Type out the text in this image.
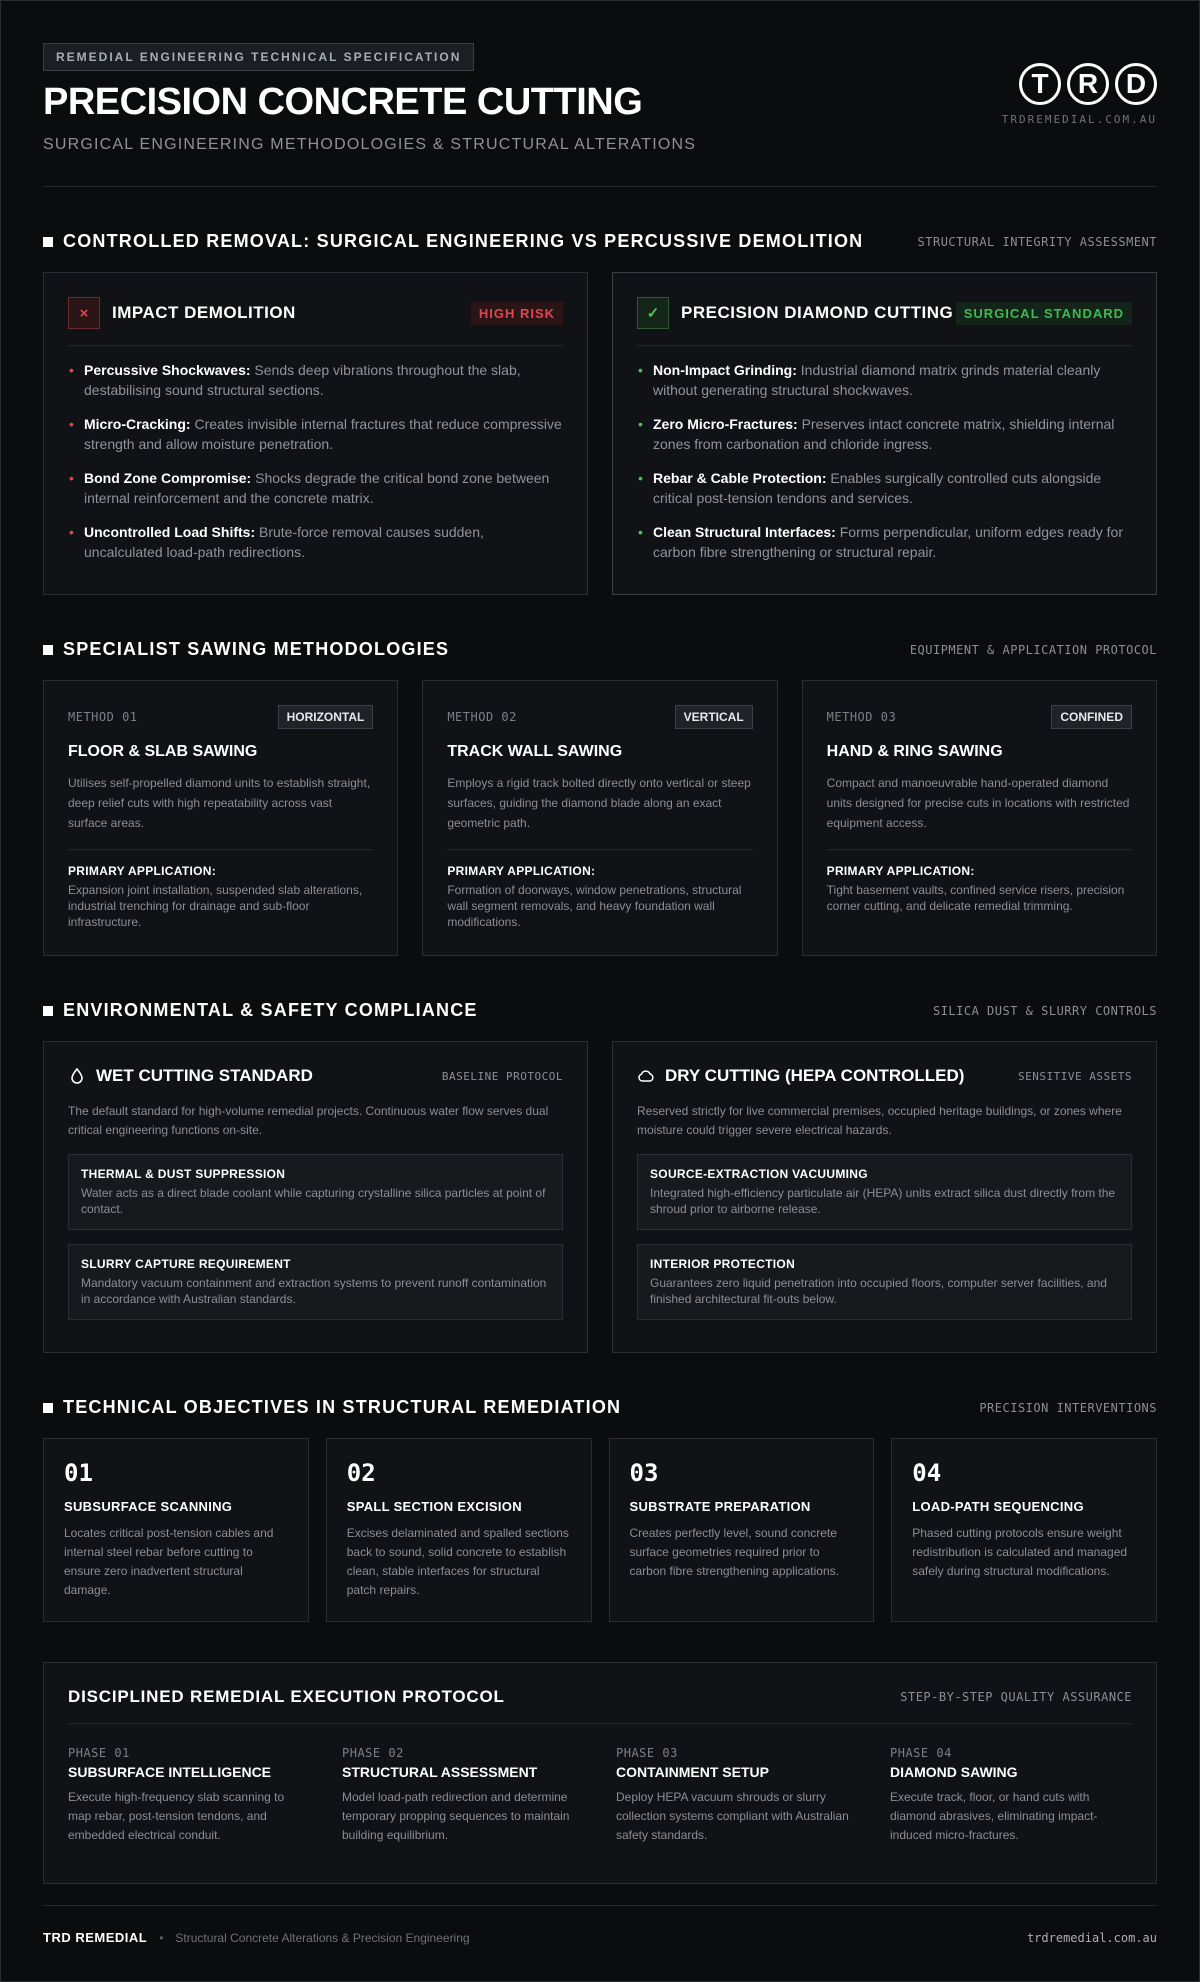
REMEDIAL ENGINEERING TECHNICAL SPECIFICATION
PRECISION CONCRETE CUTTING
SURGICAL ENGINEERING METHODOLOGIES & STRUCTURAL ALTERATIONS
T	R D
TRDREMEDIAL.COM.AU
CONTROLLED REMOVAL: SURGICAL ENGINEERING VS PERCUSSIVE DEMOLITION	STRUCTURAL INTEGRITY ASSESSMENT
×	IMPACT DEMOLITION	HIGH RISK
• Percussive Shockwaves: Sends deep vibrations throughout the slab, destabilising sound structural sections.
• Micro-Cracking: Creates invisible internal fractures that reduce compressive strength and allow moisture penetration.
• Bond Zone Compromise: Shocks degrade the critical bond zone between internal reinforcement and the concrete matrix.
• Uncontrolled Load Shifts: Brute-force removal causes sudden, uncalculated load-path redirections.
✓	PRECISION DIAMOND CUTTING SURGICAL STANDARD
• Non-Impact Grinding: Industrial diamond matrix grinds material cleanly without generating structural shockwaves.
• Zero Micro-Fractures: Preserves intact concrete matrix, shielding internal zones from carbonation and chloride ingress.
• Rebar & Cable Protection: Enables surgically controlled cuts alongside critical post-tension tendons and services.
• Clean Structural Interfaces: Forms perpendicular, uniform edges ready for carbon fibre strengthening or structural repair.
SPECIALIST SAWING METHODOLOGIES	EQUIPMENT & APPLICATION PROTOCOL
METHOD 01	HORIZONTAL
FLOOR & SLAB SAWING
Utilises self-propelled diamond units to establish straight, deep relief cuts with high repeatability across vast surface areas.
PRIMARY APPLICATION:
Expansion joint installation, suspended slab alterations, industrial trenching for drainage and sub-floor infrastructure.
METHOD 02	VERTICAL
TRACK WALL SAWING
Employs a rigid track bolted directly onto vertical or steep surfaces, guiding the diamond blade along an exact geometric path.
PRIMARY APPLICATION:
Formation of doorways, window penetrations, structural wall segment removals, and heavy foundation wall modifications.
METHOD 03	CONFINED
HAND & RING SAWING
Compact and manoeuvrable hand-operated diamond units designed for precise cuts in locations with restricted equipment access.
PRIMARY APPLICATION:
Tight basement vaults, confined service risers, precision corner cutting, and delicate remedial trimming.
ENVIRONMENTAL & SAFETY COMPLIANCE	SILICA DUST & SLURRY CONTROLS
WET CUTTING STANDARD	BASELINE PROTOCOL
The default standard for high-volume remedial projects. Continuous water flow serves dual critical engineering functions on-site.
THERMAL & DUST SUPPRESSION
Water acts as a direct blade coolant while capturing crystalline silica particles at point of contact.
SLURRY CAPTURE REQUIREMENT
Mandatory vacuum containment and extraction systems to prevent runoff contamination in accordance with Australian standards.
DRY CUTTING (HEPA CONTROLLED)	SENSITIVE ASSETS
Reserved strictly for live commercial premises, occupied heritage buildings, or zones where moisture could trigger severe electrical hazards.
SOURCE-EXTRACTION VACUUMING
Integrated high-efficiency particulate air (HEPA) units extract silica dust directly from the shroud prior to airborne release.
INTERIOR PROTECTION
Guarantees zero liquid penetration into occupied floors, computer server facilities, and finished architectural fit-outs below.
TECHNICAL OBJECTIVES IN STRUCTURAL REMEDIATION	PRECISION INTERVENTIONS
01
SUBSURFACE SCANNING
Locates critical post-tension cables and internal steel rebar before cutting to ensure zero inadvertent structural damage.
02
SPALL SECTION EXCISION
Excises delaminated and spalled sections back to sound, solid concrete to establish clean, stable interfaces for structural patch repairs.
03
SUBSTRATE PREPARATION
Creates perfectly level, sound concrete surface geometries required prior to carbon fibre strengthening applications.
04
LOAD-PATH SEQUENCING
Phased cutting protocols ensure weight redistribution is calculated and managed safely during structural modifications.
DISCIPLINED REMEDIAL EXECUTION PROTOCOL	STEP-BY-STEP QUALITY ASSURANCE
PHASE 01
SUBSURFACE INTELLIGENCE
Execute high-frequency slab scanning to map rebar, post-tension tendons, and embedded electrical conduit.
PHASE 02
STRUCTURAL ASSESSMENT
Model load-path redirection and determine temporary propping sequences to maintain building equilibrium.
PHASE 03
CONTAINMENT SETUP
Deploy HEPA vacuum shrouds or slurry collection systems compliant with Australian safety standards.
PHASE 04
DIAMOND SAWING
Execute track, floor, or hand cuts with diamond abrasives, eliminating impact-induced micro-fractures.
TRD REMEDIAL • Structural Concrete Alterations & Precision Engineering	trdremedial.com.au
